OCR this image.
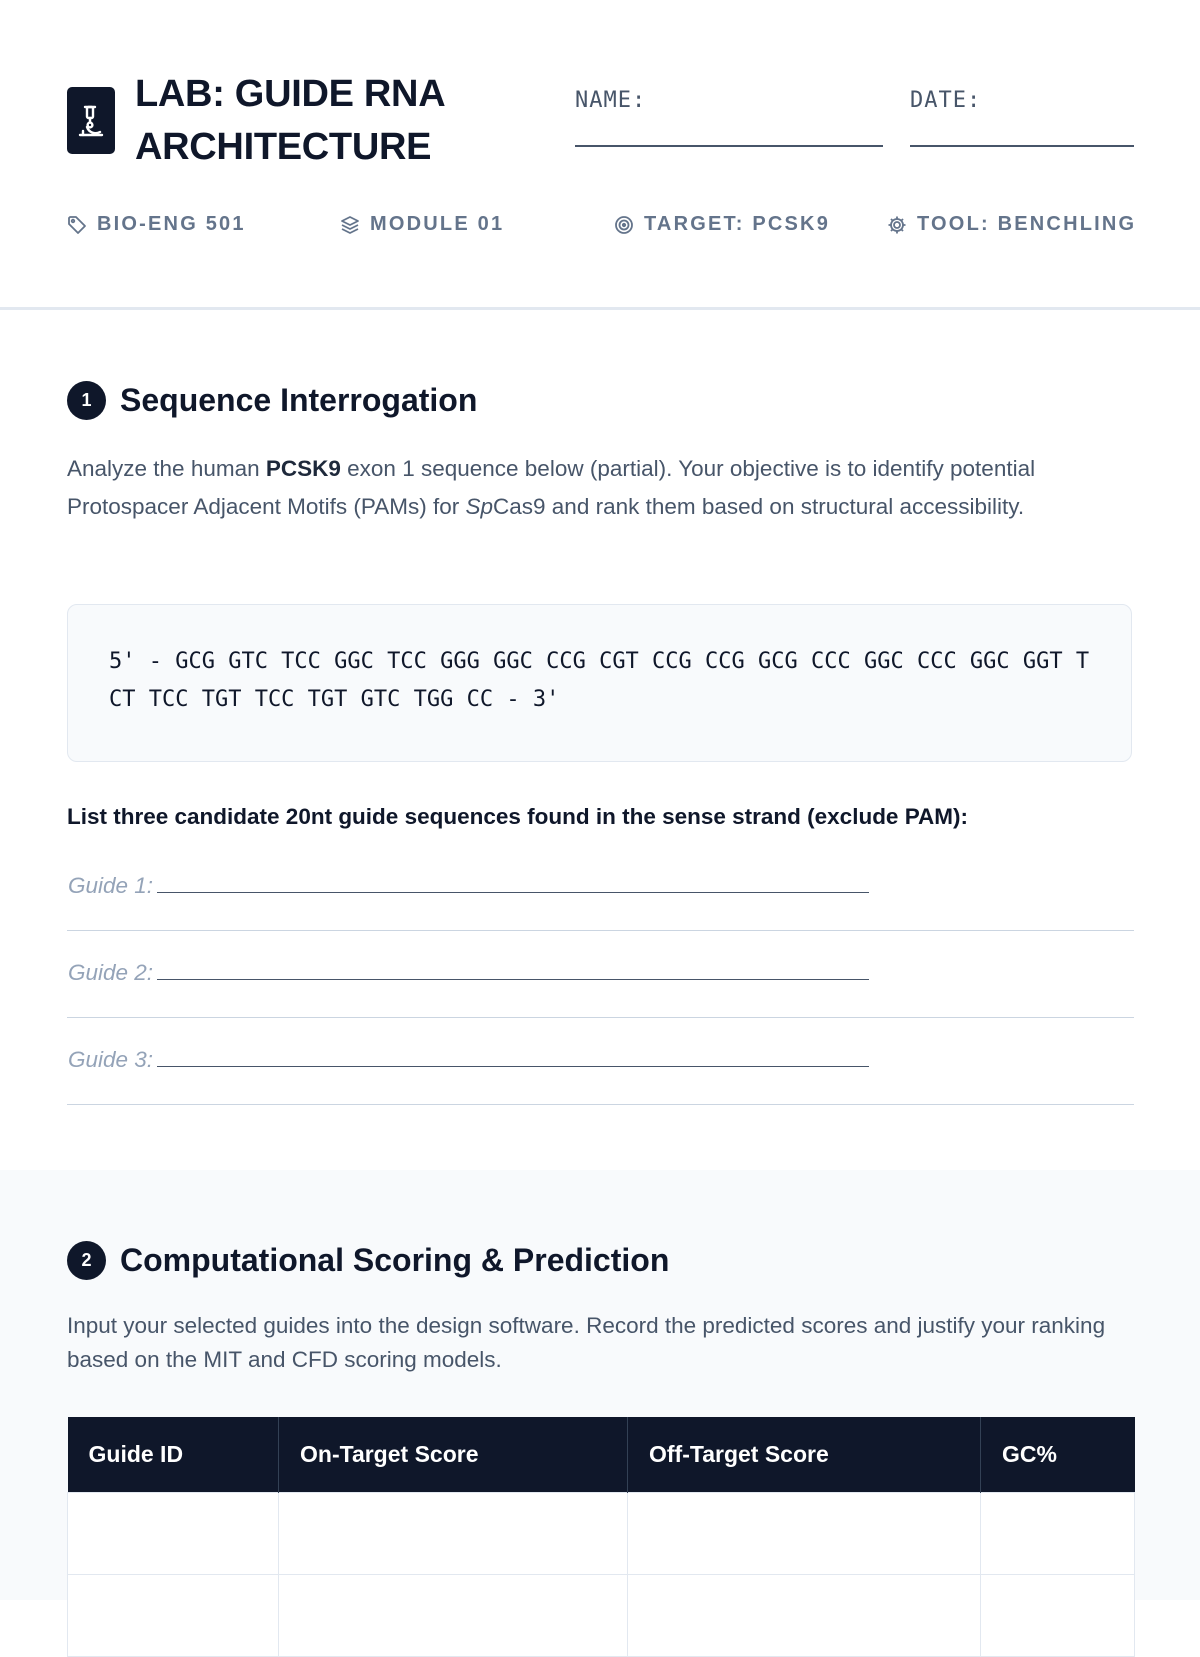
LAB: GUIDE RNA ARCHITECTURE
NAME:	DATE:
BIO-ENG 501	MODULE 01	TARGET: PCSK9	TOOL: BENCHLING
1 Sequence Interrogation
Analyze the human PCSK9 exon 1 sequence below (partial). Your objective is to identify potential Protospacer Adjacent Motifs (PAMs) for SpCas9 and rank them based on structural accessibility.
5' - GCG GTC TCC GGC TCC GGG GGC CCG CGT CCG CCG GCG CCC GGC CCC GGC GGT TCT TCC TGT TCC TGT GTC TGG CC - 3'
List three candidate 20nt guide sequences found in the sense strand (exclude PAM):
Guide 1:
Guide 2:
Guide 3:
2 Computational Scoring & Prediction
Input your selected guides into the design software. Record the predicted scores and justify your ranking based on the MIT and CFD scoring models.
Guide ID	On-Target Score	Off-Target Score	GC%
